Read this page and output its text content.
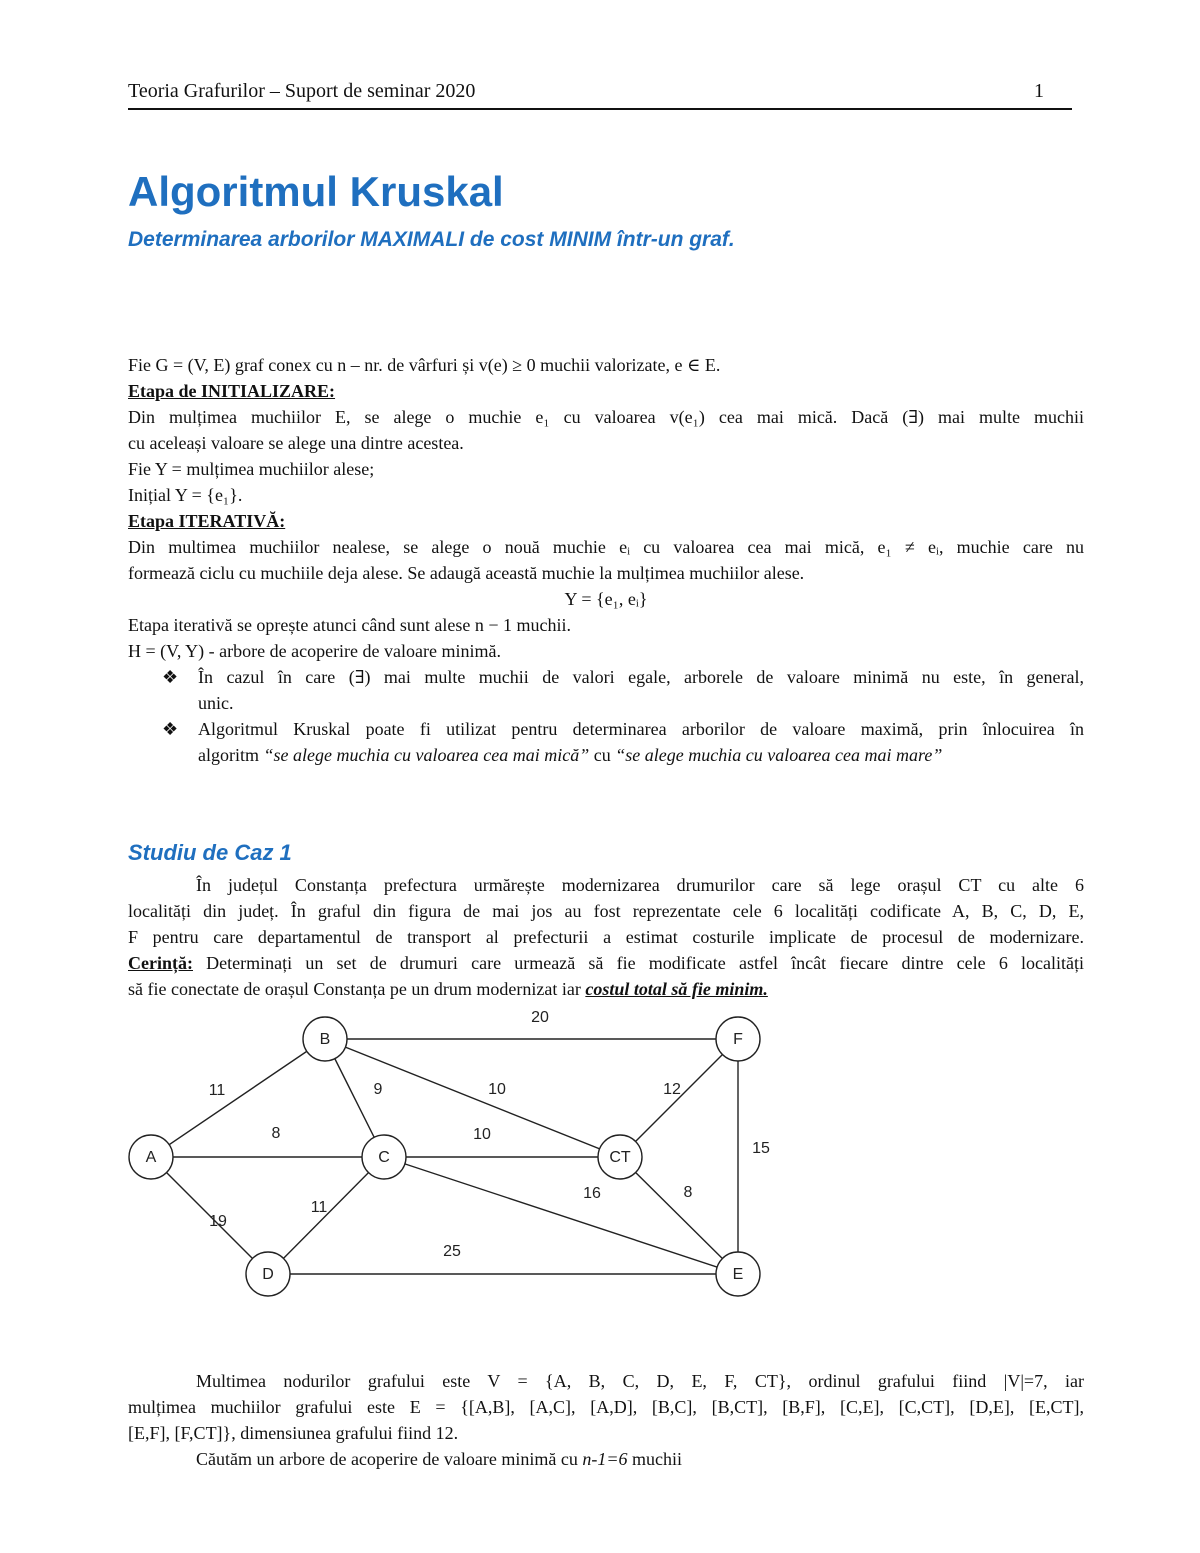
Teoria Grafurilor – Suport de seminar 2020	1
Algoritmul Kruskal
Determinarea arborilor MAXIMALI de cost MINIM într-un graf.
Fie G = (V, E) graf conex cu n – nr. de vârfuri și v(e) ≥ 0 muchii valorizate, e ∈ E.
Etapa de INITIALIZARE:
Din mulțimea muchiilor E, se alege o muchie e₁ cu valoarea v(e₁) cea mai mică. Dacă (∃) mai multe muchii
cu aceleași valoare se alege una dintre acestea.
Fie Y = mulțimea muchiilor alese;
Inițial Y = {e₁}.
Etapa ITERATIVĂ:
Din multimea muchiilor nealese, se alege o nouă muchie eᵢ cu valoarea cea mai mică, e₁ ≠ eᵢ, muchie care nu
formează ciclu cu muchiile deja alese. Se adaugă această muchie la mulțimea muchiilor alese.
Y = {e₁, eᵢ}
Etapa iterativă se oprește atunci când sunt alese n − 1 muchii.
H = (V, Y) - arbore de acoperire de valoare minimă.
❖ În cazul în care (∃) mai multe muchii de valori egale, arborele de valoare minimă nu este, în general,
unic.
❖ Algoritmul Kruskal poate fi utilizat pentru determinarea arborilor de valoare maximă, prin înlocuirea în
algoritm “se alege muchia cu valoarea cea mai mică” cu “se alege muchia cu valoarea cea mai mare”
Studiu de Caz 1
În județul Constanța prefectura urmărește modernizarea drumurilor care să lege orașul CT cu alte 6
localități din județ. În graful din figura de mai jos au fost reprezentate cele 6 localități codificate A, B, C, D, E,
F pentru care departamentul de transport al prefecturii a estimat costurile implicate de procesul de modernizare.
Cerință: Determinați un set de drumuri care urmează să fie modificate astfel încât fiecare dintre cele 6 localități
să fie conectate de orașul Constanța pe un drum modernizat iar costul total să fie minim.
11
8
19
9	10
20
16
10
11
25
8
15
12
A
B
C
D	E
F
CT
Multimea nodurilor grafului este V = {A, B, C, D, E, F, CT}, ordinul grafului fiind |V|=7, iar
mulțimea muchiilor grafului este E = {[A,B], [A,C], [A,D], [B,C], [B,CT], [B,F], [C,E], [C,CT], [D,E], [E,CT],
[E,F], [F,CT]}, dimensiunea grafului fiind 12.
Căutăm un arbore de acoperire de valoare minimă cu n-1=6 muchii
